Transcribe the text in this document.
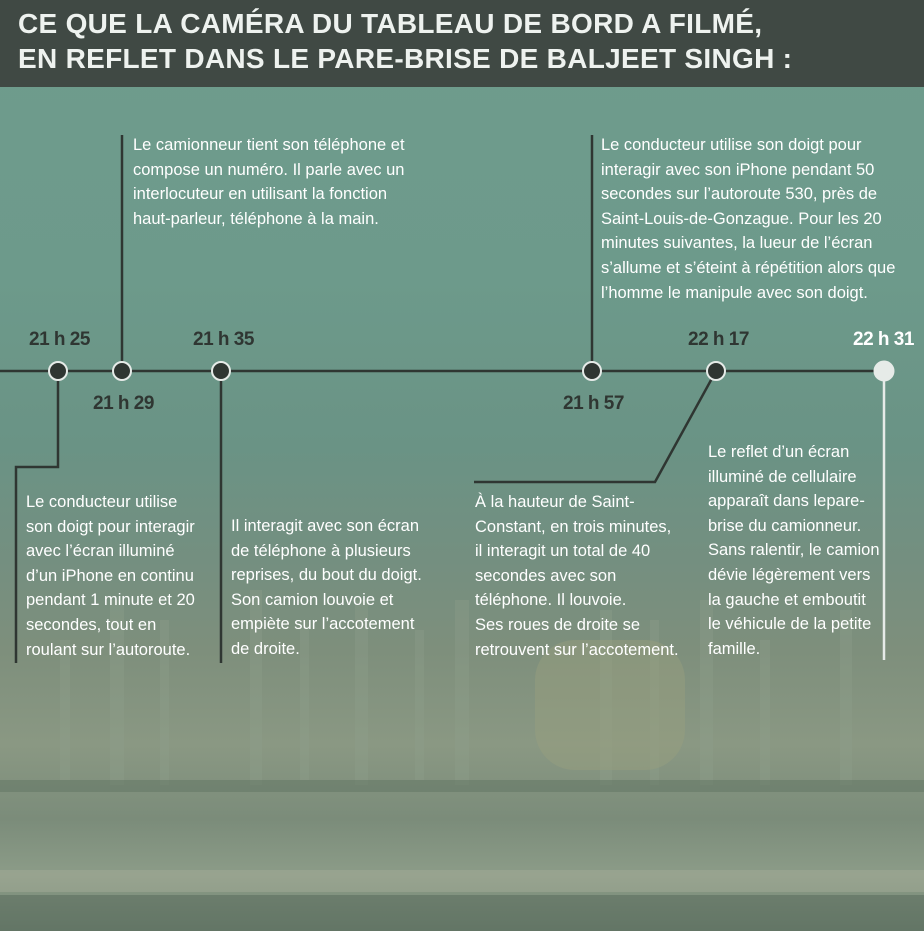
CE QUE LA CAMÉRA DU TABLEAU DE BORD A FILMÉ,
EN REFLET DANS LE PARE-BRISE DE BALJEET SINGH :
21 h 25
21 h 29
21 h 35
21 h 57
22 h 17	22 h 31
Le conducteur utilise
son doigt pour interagir
avec l’écran illuminé
d’un iPhone en continu
pendant 1 minute et 20
secondes, tout en
roulant sur l’autoroute.
Le camionneur tient son téléphone et
compose un numéro. Il parle avec un
interlocuteur en utilisant la fonction
haut-parleur, téléphone à la main.
Il interagit avec son écran
de téléphone à plusieurs
reprises, du bout du doigt.
Son camion louvoie et
empiète sur l’accotement
de droite.
Le conducteur utilise son doigt pour
interagir avec son iPhone pendant 50
secondes sur l’autoroute 530, près de
Saint-Louis-de-Gonzague. Pour les 20
minutes suivantes, la lueur de l’écran
s’allume et s’éteint à répétition alors que
l’homme le manipule avec son doigt.
À la hauteur de Saint-
Constant, en trois minutes,
il interagit un total de 40
secondes avec son
téléphone. Il louvoie.
Ses roues de droite se
retrouvent sur l’accotement.
Le reflet d’un écran
illuminé de cellulaire
apparaît dans lepare-
brise du camionneur.
Sans ralentir, le camion
dévie légèrement vers
la gauche et emboutit
le véhicule de la petite
famille.
